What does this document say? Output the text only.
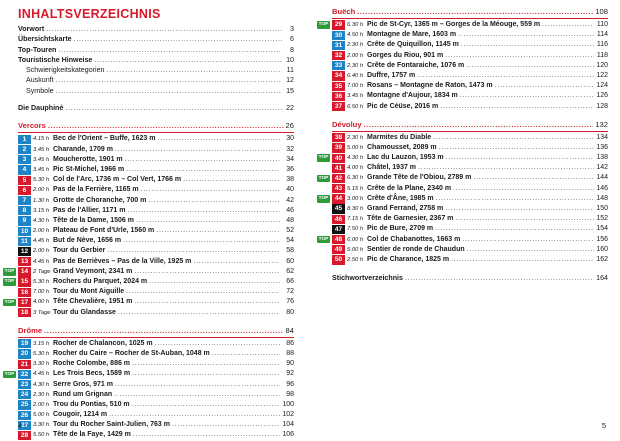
INHALTSVERZEICHNIS
Vorwort . . .	3
Übersichtskarte . . .	6
Top-Touren . . .	8
Touristische Hinweise . . .	10
Schwierigkeitskategorien . . .	11
Auskunft . . .	12
Symbole . . .	15
Die Dauphiné . . .	22
Vercors . . .	26
1	4.15 h Bec de l'Orient – Buffe, 1623 m . . .	30
2	3.45 h Charande, 1709 m . . .	32
3	3.45 h Moucherotte, 1901 m . . .	34
4	3.45 h Pic St-Michel, 1966 m . . .	36
5	5.30 h Col de l'Arc, 1736 m – Col Vert, 1766 m . . .	38
6	2.00 h Pas de la Ferrière, 1165 m . . .	40
7	1.30 h Grotte de Choranche, 700 m . . .	42
8	3.15 h Pas de l'Allier, 1171 m . . .	46
9	4.30 h Tête de la Dame, 1506 m . . .	48
10 2.00 h Plateau de Font d'Urle, 1560 m . . .	52
11 4.45 h But de Nève, 1656 m . . .	54
12 2.00 h Tour du Gerbier . . .	58
13 4.45 h Pas de Berrièves – Pas de la Ville, 1925 m . . .	60
TOP 14 2 Tage Grand Veymont, 2341 m . . .	62
TOP 15 5.30 h Rochers du Parquet, 2024 m . . .	66
16 7.00 h Tour du Mont Aiguille . . .	72
TOP 17 4.00 h Tête Chevalière, 1951 m . . .	76
18 3 Tage Tour du Glandasse . . .	80
Drôme . . .	84
19 3.15 h Rocher de Chalancon, 1025 m . . .	86
20 5.30 h Rocher du Caire – Rocher de St-Auban, 1048 m . . .	88
21 3.30 h Roche Colombe, 886 m . . .	90
TOP 22 4.45 h Les Trois Becs, 1589 m . . .	92
23 4.30 h Serre Gros, 971 m . . .	96
24 2.30 h Rund um Grignan . . .	98
25 2.00 h Trou du Pontias, 510 m . . .	100
26 5.00 h Cougoir, 1214 m . . .	102
27 3.30 h Tour du Rocher Saint-Julien, 763 m . . .	104
28 5.50 h Tête de la Faye, 1429 m . . .	106
4
Buëch . . .	108
TOP 29 6.30 h Pic de St-Cyr, 1365 m – Gorges de la Méouge, 559 m . . .	110
30 4.50 h Montagne de Mare, 1603 m . . .	114
31 2.30 h Crête de Quiquillon, 1145 m . . .	116
32 2.00 h Gorges du Riou, 901 m . . .	118
33 2.30 h Crête de Fontaraiche, 1076 m . . .	120
34 6.40 h Duffre, 1757 m . . .	122
35 7.00 h Rosans – Montagne de Raton, 1473 m . . .	124
36 3.45 h Montagne d'Aujour, 1834 m . . .	126
37 6.50 h Pic de Céüse, 2016 m . . .	128
Dévoluy . . .	132
38 2.30 h Marmites du Diable . . .	134
39 5.00 h Chamousset, 2089 m . . .	136
TOP 40 4.30 h Lac du Lauzon, 1953 m . . .	138
41 4.00 h Châtel, 1937 m . . .	142
TOP 42 6.30 h Grande Tête de l'Obiou, 2789 m . . .	144
43 5.15 h Crête de la Plane, 2340 m . . .	146
TOP 44 3.00 h Crête d'Âne, 1985 m . . .	148
45 8.30 h Grand Ferrand, 2758 m . . .	150
46 7.15 h Tête de Garnesier, 2367 m . . .	152
47 7.50 h Pic de Bure, 2709 m . . .	154
TOP 48 6.00 h Col de Chabanottes, 1663 m . . .	156
49 5.00 h Sentier de ronde de Chaudun . . .	160
50 2.50 h Pic de Charance, 1825 m . . .	162
Stichwortverzeichnis . . .	164
5
